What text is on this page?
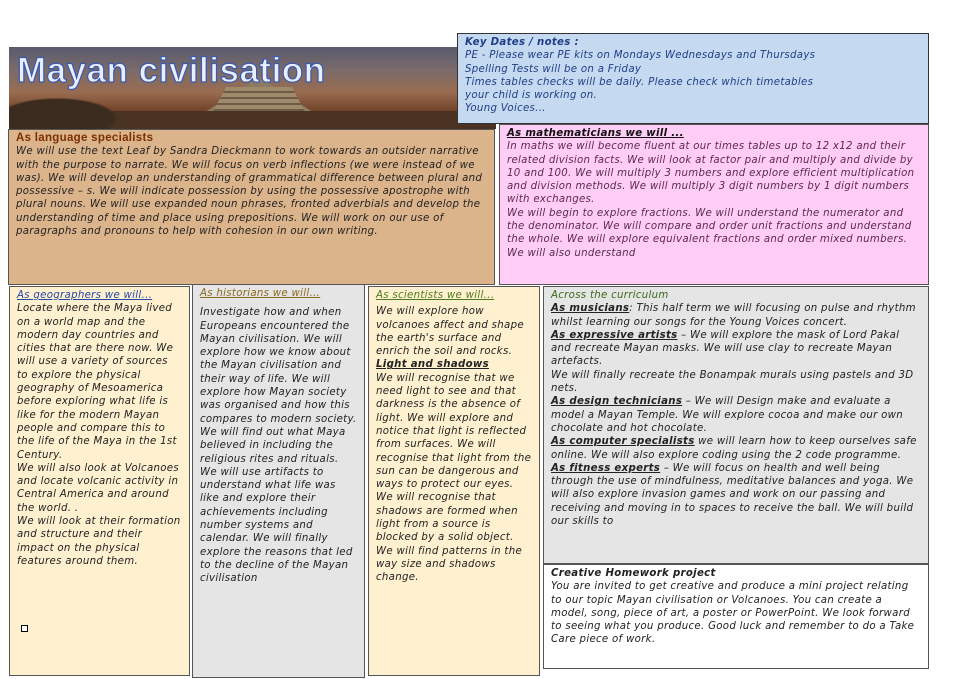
Mayan civilisation

Key Dates / notes :

PE - Please wear PE kits on Mondays Wednesdays and Thursdays

Spelling Tests will be on a Friday

Times tables checks will be daily. Please check which timetables

your child is working on.

Young Voices...

As language specialists

We will use the text Leaf by Sandra Dieckmann to work towards an outsider narrative with the purpose to narrate. We will focus on verb inflections (we were instead of we was). We will develop an understanding of grammatical difference between plural and possessive – s. We will indicate possession by using the possessive apostrophe with plural nouns. We will use expanded noun phrases, fronted adverbials and develop the understanding of time and place using prepositions. We will work on our use of paragraphs and pronouns to help with cohesion in our own writing.

As mathematicians we will ...

In maths we will become fluent at our times tables up to 12 x12 and their related division facts. We will look at factor pair and multiply and divide by 10 and 100. We will multiply 3 numbers and explore efficient multiplication and division methods. We will multiply 3 digit numbers by 1 digit numbers with exchanges.

We will begin to explore fractions. We will understand the numerator and the denominator. We will compare and order unit fractions and understand the whole. We will explore equivalent fractions and order mixed numbers. We will also understand

As geographers we will...

Locate where the Maya lived on a world map and the modern day countries and cities that are there now. We will use a variety of sources to explore the physical geography of Mesoamerica before exploring what life is like for the modern Mayan people and compare this to the life of the Maya in the 1st Century.

We will also look at Volcanoes and locate volcanic activity in Central America and around the world. .

We will look at their formation and structure and their impact on the physical features around them.

As historians we will...

Investigate how and when Europeans encountered the Mayan civilisation. We will explore how we know about the Mayan civilisation and their way of life. We will explore how Mayan society was organised and how this compares to modern society. We will find out what Maya believed in including the religious rites and rituals. We will use artifacts to understand what life was like and explore their achievements including number systems and calendar. We will finally explore the reasons that led to the decline of the Mayan civilisation

As scientists we will...

We will explore how volcanoes affect and shape the earth's surface and enrich the soil and rocks.

Light and shadows

We will recognise that we need light to see and that darkness is the absence of light. We will explore and notice that light is reflected from surfaces. We will recognise that light from the sun can be dangerous and ways to protect our eyes. We will recognise that shadows are formed when light from a source is blocked by a solid object. We will find patterns in the way size and shadows change.

Across the curriculum

As musicians: This half term we will focusing on pulse and rhythm whilst learning our songs for the Young Voices concert.

As expressive artists – We will explore the mask of Lord Pakal and recreate Mayan masks. We will use clay to recreate Mayan artefacts.

We will finally recreate the Bonampak murals using pastels and 3D nets.

As design technicians – We will Design make and evaluate a model a Mayan Temple. We will explore cocoa and make our own chocolate and hot chocolate.

As computer specialists we will learn how to keep ourselves safe online. We will also explore coding using the 2 code programme.

As fitness experts – We will focus on health and well being through the use of mindfulness, meditative balances and yoga. We will also explore invasion games and work on our passing and receiving and moving in to spaces to receive the ball. We will build our skills to

Creative Homework project

You are invited to get creative and produce a mini project relating to our topic Mayan civilisation or Volcanoes. You can create a model, song, piece of art, a poster or PowerPoint. We look forward to seeing what you produce. Good luck and remember to do a Take Care piece of work.
